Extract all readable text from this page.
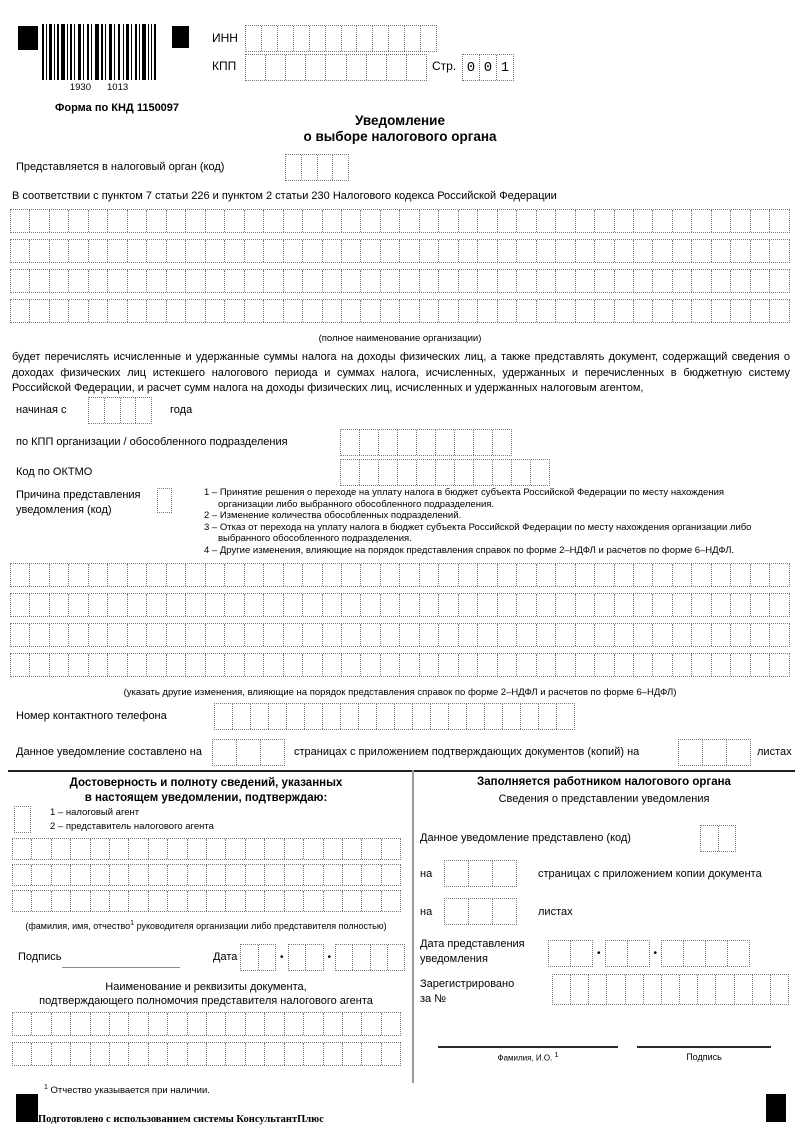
1930 1013
ИНН
КПП	Стр. 0 0 1
Форма по КНД 1150097
Уведомление
о выборе налогового органа
Представляется в налоговый орган (код)
В соответствии с пунктом 7 статьи 226 и пунктом 2 статьи 230 Налогового кодекса Российской Федерации
(полное наименование организации)
будет перечислять исчисленные и удержанные суммы налога на доходы физических лиц, а также представлять документ, содержащий сведения о доходах физических лиц истекшего налогового периода и суммах налога, исчисленных, удержанных и перечисленных в бюджетную систему Российской Федерации, и расчет сумм налога на доходы физических лиц, исчисленных и удержанных налоговым агентом,
начиная с	года
по КПП организации / обособленного подразделения
Код по ОКТМО
Причина представления
уведомления (код)
1 – Принятие решения о переходе на уплату налога в бюджет субъекта Российской Федерации по месту нахождения организации либо выбранного обособленного подразделения.
2 – Изменение количества обособленных подразделений.
3 – Отказ от перехода на уплату налога в бюджет субъекта Российской Федерации по месту нахождения организации либо выбранного обособленного подразделения.
4 – Другие изменения, влияющие на порядок представления справок по форме 2–НДФЛ и расчетов по форме 6–НДФЛ.
(указать другие изменения, влияющие на порядок представления справок по форме 2–НДФЛ и расчетов по форме 6–НДФЛ)
Номер контактного телефона
Данное уведомление составлено на	страницах с приложением подтверждающих документов (копий) на	листах
Достоверность и полноту сведений, указанных
в настоящем уведомлении, подтверждаю:
1 – налоговый агент
2 – представитель налогового агента
(фамилия, имя, отчество$^1$ руководителя организации либо представителя полностью)
Подпись	Дата	•	•
Наименование и реквизиты документа,
подтверждающего полномочия представителя налогового агента
Заполняется работником налогового органа
Сведения о представлении уведомления
Данное уведомление представлено (код)
на	страницах с приложением копии документа
на	листах
Дата представления
уведомления	•	•
Зарегистрировано
за №
Фамилия, И.О. $^1$	Подпись
$^1$ Отчество указывается при наличии.
Подготовлено с использованием системы КонсультантПлюс
